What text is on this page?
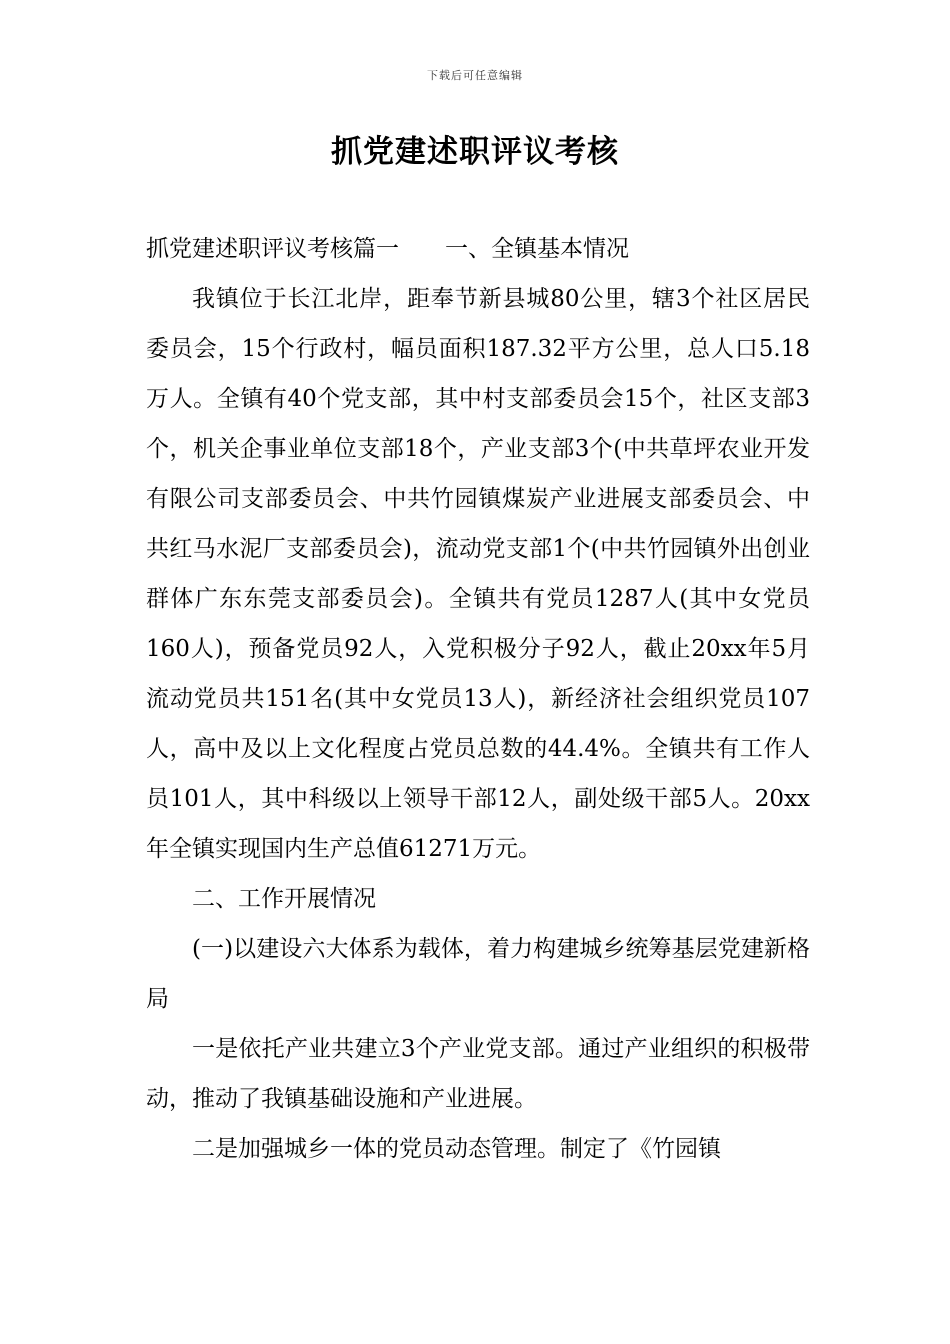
下载后可任意编辑
抓党建述职评议考核

抓党建述职评议考核篇一 一、全镇基本情况

我镇位于长江北岸，距奉节新县城80公里，辖3个社区居民委员会，15个行政村，幅员面积187.32平方公里，总人口5.18万人。全镇有40个党支部，其中村支部委员会15个，社区支部3个，机关企事业单位支部18个，产业支部3个(中共草坪农业开发有限公司支部委员会、中共竹园镇煤炭产业进展支部委员会、中共红马水泥厂支部委员会)，流动党支部1个(中共竹园镇外出创业群体广东东莞支部委员会)。全镇共有党员1287人(其中女党员160人)，预备党员92人，入党积极分子92人，截止20xx年5月流动党员共151名(其中女党员13人)，新经济社会组织党员107人，高中及以上文化程度占党员总数的44.4%。全镇共有工作人员101人，其中科级以上领导干部12人，副处级干部5人。20xx年全镇实现国内生产总值61271万元。

二、工作开展情况

(一)以建设六大体系为载体，着力构建城乡统筹基层党建新格局

一是依托产业共建立3个产业党支部。通过产业组织的积极带动，推动了我镇基础设施和产业进展。

二是加强城乡一体的党员动态管理。制定了《竹园镇
